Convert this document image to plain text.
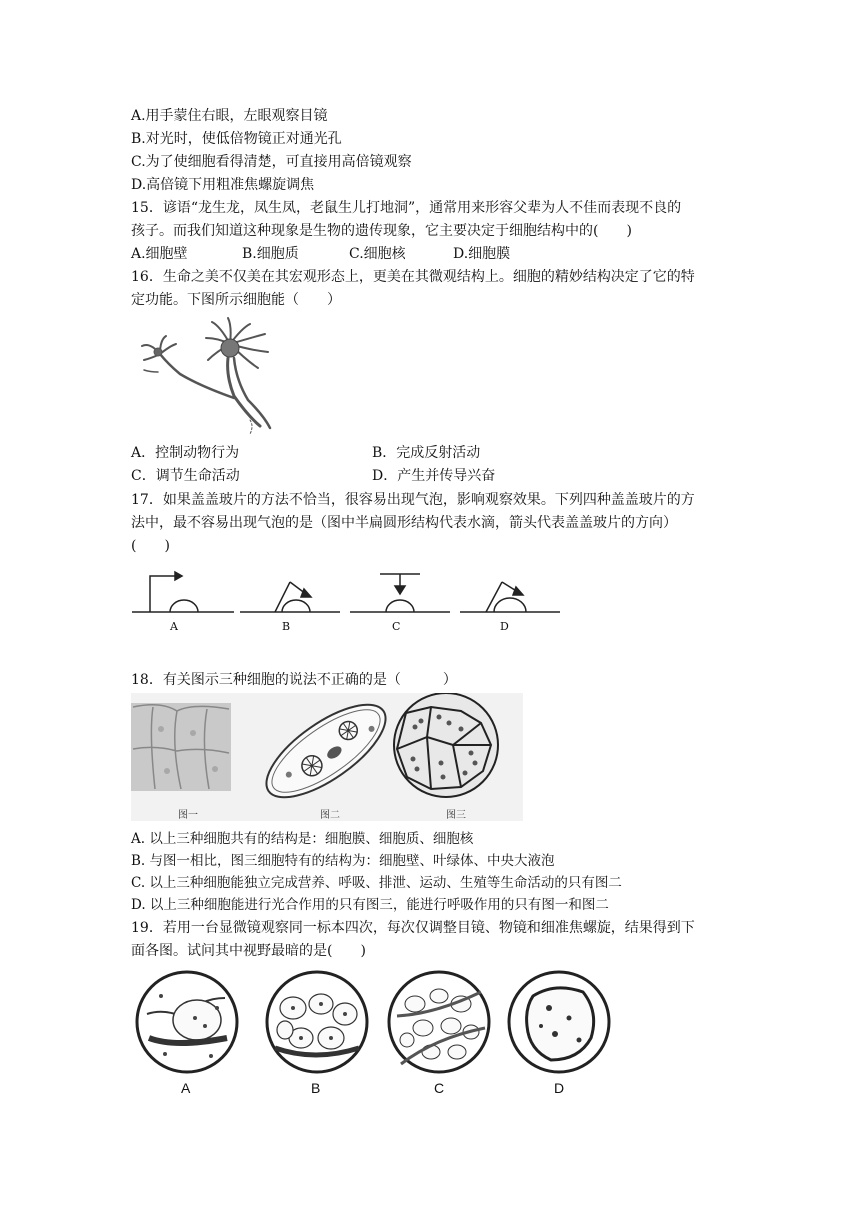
A.用手蒙住右眼，左眼观察目镜
B.对光时，使低倍物镜正对通光孔
C.为了使细胞看得清楚，可直接用高倍镜观察
D.高倍镜下用粗准焦螺旋调焦
15．谚语“龙生龙，凤生凤，老鼠生儿打地洞”，通常用来形容父辈为人不佳而表现不良的
孩子。而我们知道这种现象是生物的遗传现象，它主要决定于细胞结构中的(　　)
A.细胞壁	B.细胞质	C.细胞核	D.细胞膜
16．生命之美不仅美在其宏观形态上，更美在其微观结构上。细胞的精妙结构决定了它的特
定功能。下图所示细胞能（　　）
A．控制动物行为	B．完成反射活动
C．调节生命活动	D．产生并传导兴奋
17．如果盖盖玻片的方法不恰当，很容易出现气泡，影响观察效果。下列四种盖盖玻片的方
法中，最不容易出现气泡的是（图中半扁圆形结构代表水滴，箭头代表盖盖玻片的方向）
(　　)
A	B	C	D
18．有关图示三种细胞的说法不正确的是（　　　）
图一	图二	图三
A. 以上三种细胞共有的结构是：细胞膜、细胞质、细胞核
B. 与图一相比，图三细胞特有的结构为：细胞壁、叶绿体、中央大液泡
C. 以上三种细胞能独立完成营养、呼吸、排泄、运动、生殖等生命活动的只有图二
D. 以上三种细胞能进行光合作用的只有图三，能进行呼吸作用的只有图一和图二
19．若用一台显微镜观察同一标本四次，每次仅调整目镜、物镜和细准焦螺旋，结果得到下
面各图。试问其中视野最暗的是(　　)
A	B	C	D
